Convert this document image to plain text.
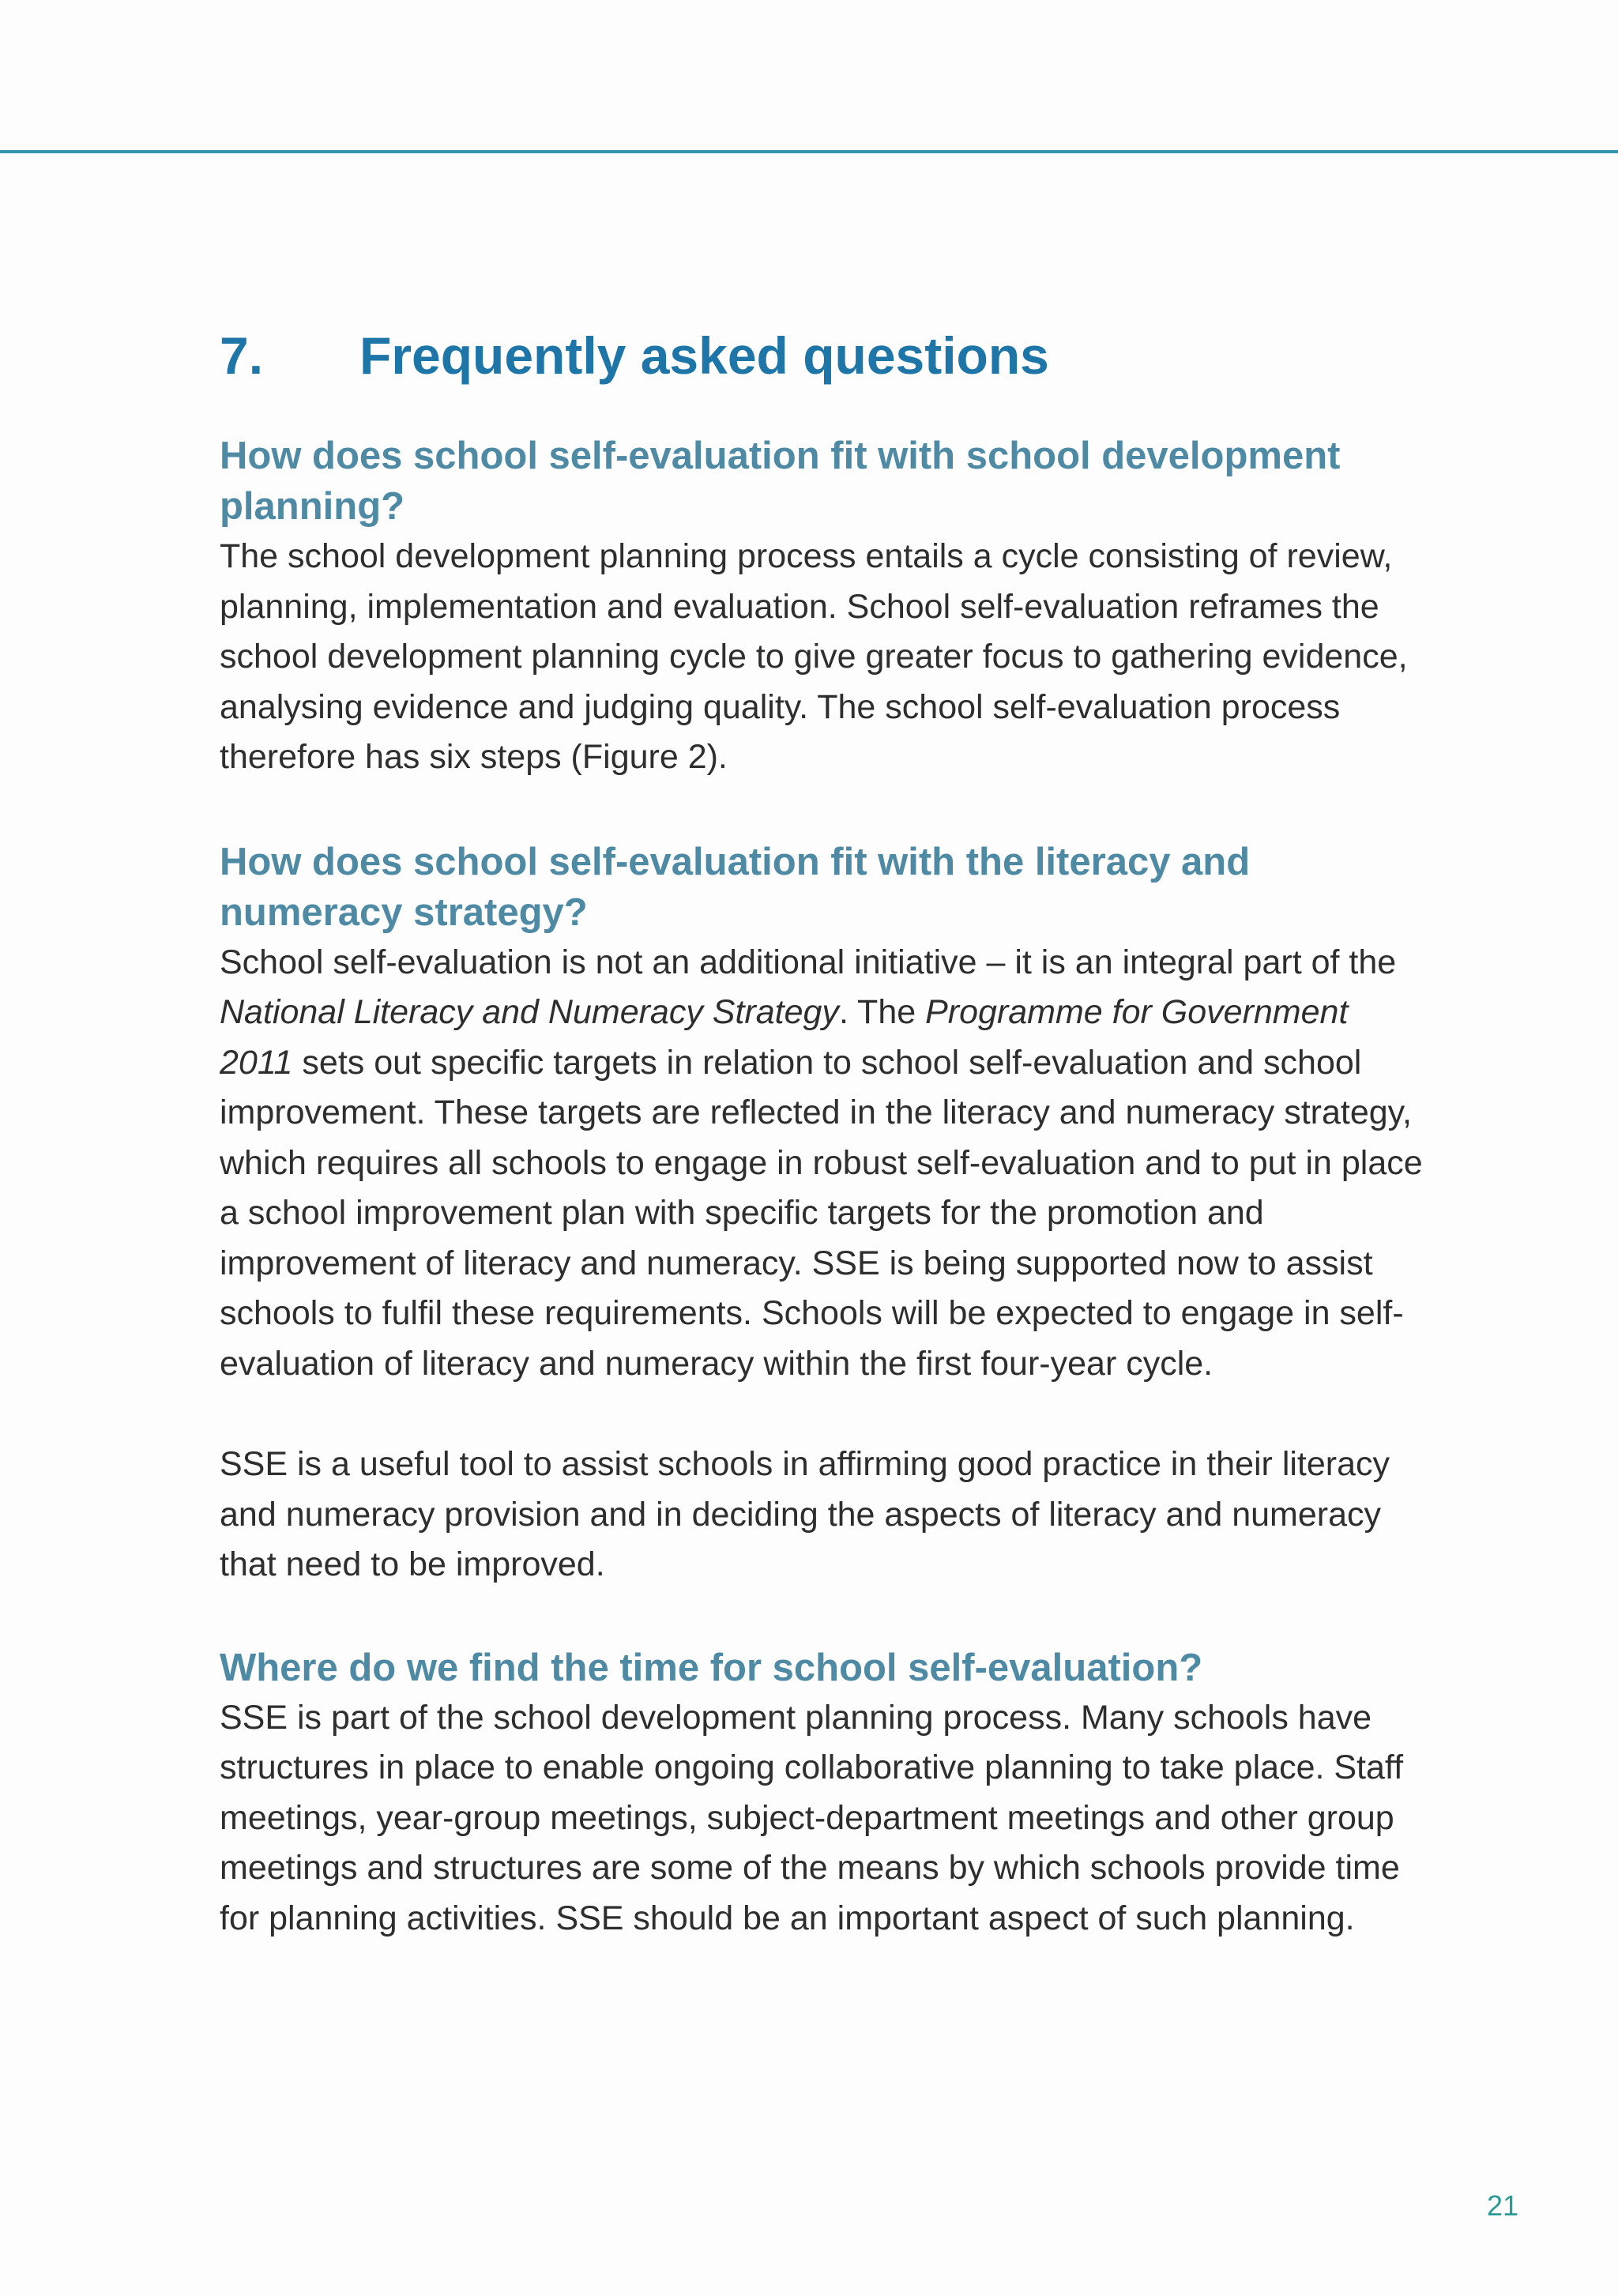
7.	Frequently asked questions
How does school self-evaluation fit with school development planning?

The school development planning process entails a cycle consisting of review, planning, implementation and evaluation. School self-evaluation reframes the school development planning cycle to give greater focus to gathering evidence, analysing evidence and judging quality. The school self-evaluation process therefore has six steps (Figure 2).

How does school self-evaluation fit with the literacy and numeracy strategy?

School self-evaluation is not an additional initiative – it is an integral part of the National Literacy and Numeracy Strategy. The Programme for Government 2011 sets out specific targets in relation to school self-evaluation and school improvement. These targets are reflected in the literacy and numeracy strategy, which requires all schools to engage in robust self-evaluation and to put in place a school improvement plan with specific targets for the promotion and improvement of literacy and numeracy. SSE is being supported now to assist schools to fulfil these requirements. Schools will be expected to engage in self-evaluation of literacy and numeracy within the first four-year cycle.

SSE is a useful tool to assist schools in affirming good practice in their literacy and numeracy provision and in deciding the aspects of literacy and numeracy that need to be improved.

Where do we find the time for school self-evaluation?

SSE is part of the school development planning process. Many schools have structures in place to enable ongoing collaborative planning to take place. Staff meetings, year-group meetings, subject-department meetings and other group meetings and structures are some of the means by which schools provide time for planning activities. SSE should be an important aspect of such planning.

21
